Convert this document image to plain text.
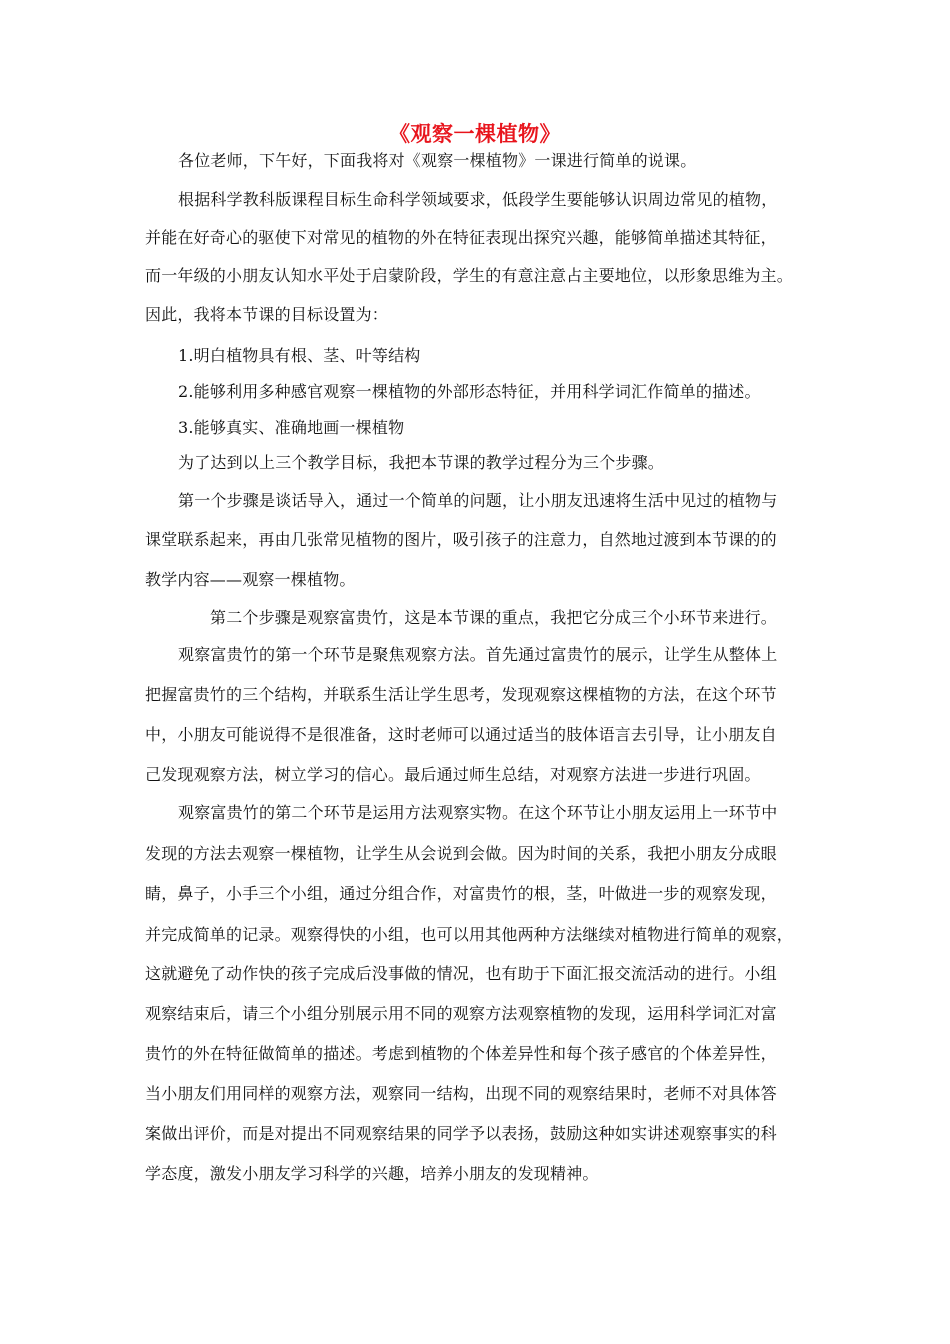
《观察一棵植物》
各位老师，下午好，下面我将对《观察一棵植物》一课进行简单的说课。
根据科学教科版课程目标生命科学领域要求，低段学生要能够认识周边常见的植物，
并能在好奇心的驱使下对常见的植物的外在特征表现出探究兴趣，能够简单描述其特征，
而一年级的小朋友认知水平处于启蒙阶段，学生的有意注意占主要地位，以形象思维为主。
因此，我将本节课的目标设置为：
1.明白植物具有根、茎、叶等结构
2.能够利用多种感官观察一棵植物的外部形态特征，并用科学词汇作简单的描述。
3.能够真实、准确地画一棵植物
为了达到以上三个教学目标，我把本节课的教学过程分为三个步骤。
第一个步骤是谈话导入，通过一个简单的问题，让小朋友迅速将生活中见过的植物与
课堂联系起来，再由几张常见植物的图片，吸引孩子的注意力，自然地过渡到本节课的的
教学内容——观察一棵植物。
第二个步骤是观察富贵竹，这是本节课的重点，我把它分成三个小环节来进行。
观察富贵竹的第一个环节是聚焦观察方法。首先通过富贵竹的展示，让学生从整体上
把握富贵竹的三个结构，并联系生活让学生思考，发现观察这棵植物的方法，在这个环节
中，小朋友可能说得不是很准备，这时老师可以通过适当的肢体语言去引导，让小朋友自
己发现观察方法，树立学习的信心。最后通过师生总结，对观察方法进一步进行巩固。
观察富贵竹的第二个环节是运用方法观察实物。在这个环节让小朋友运用上一环节中
发现的方法去观察一棵植物，让学生从会说到会做。因为时间的关系，我把小朋友分成眼
睛，鼻子，小手三个小组，通过分组合作，对富贵竹的根，茎，叶做进一步的观察发现，
并完成简单的记录。观察得快的小组，也可以用其他两种方法继续对植物进行简单的观察，
这就避免了动作快的孩子完成后没事做的情况，也有助于下面汇报交流活动的进行。小组
观察结束后，请三个小组分别展示用不同的观察方法观察植物的发现，运用科学词汇对富
贵竹的外在特征做简单的描述。考虑到植物的个体差异性和每个孩子感官的个体差异性，
当小朋友们用同样的观察方法，观察同一结构，出现不同的观察结果时，老师不对具体答
案做出评价，而是对提出不同观察结果的同学予以表扬，鼓励这种如实讲述观察事实的科
学态度，激发小朋友学习科学的兴趣，培养小朋友的发现精神。
